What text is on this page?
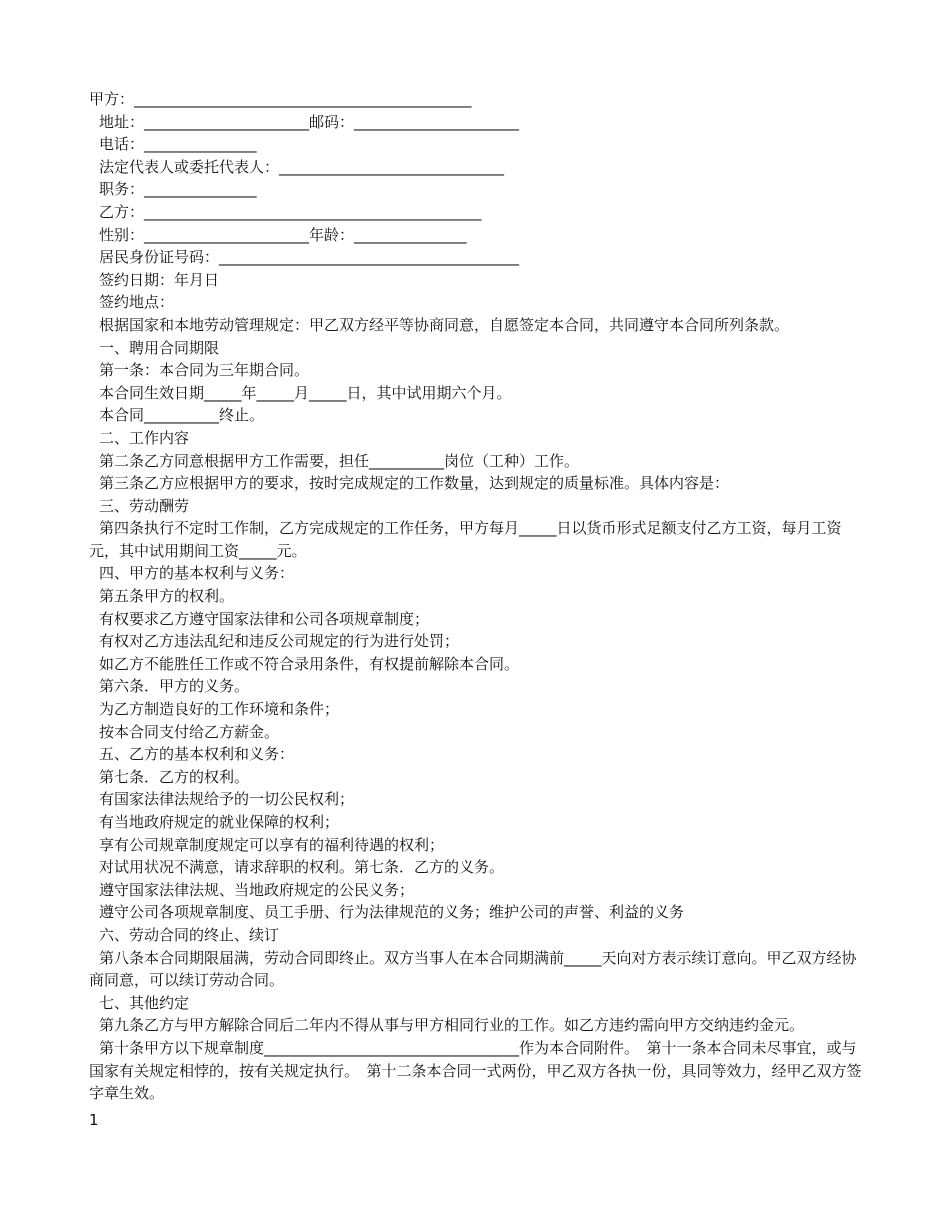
甲方：_____________________________________________

地址：______________________邮码：______________________

电话：_______________

法定代表人或委托代表人：______________________________

职务：_______________

乙方：_____________________________________________

性别：______________________年龄：_______________

居民身份证号码：________________________________________

签约日期：年月日

签约地点：

根据国家和本地劳动管理规定：甲乙双方经平等协商同意，自愿签定本合同，共同遵守本合同所列条款。

一、聘用合同期限

第一条：本合同为三年期合同。

本合同生效日期_____年_____月_____日，其中试用期六个月。

本合同__________终止。

二、工作内容

第二条乙方同意根据甲方工作需要，担任__________岗位（工种）工作。

第三条乙方应根据甲方的要求，按时完成规定的工作数量，达到规定的质量标准。具体内容是：

三、劳动酬劳

第四条执行不定时工作制，乙方完成规定的工作任务，甲方每月_____日以货币形式足额支付乙方工资，每月工资元，其中试用期间工资_____元。

四、甲方的基本权利与义务：

第五条甲方的权利。

有权要求乙方遵守国家法律和公司各项规章制度；

有权对乙方违法乱纪和违反公司规定的行为进行处罚；

如乙方不能胜任工作或不符合录用条件，有权提前解除本合同。

第六条．甲方的义务。

为乙方制造良好的工作环境和条件；

按本合同支付给乙方薪金。

五、乙方的基本权利和义务：

第七条．乙方的权利。

有国家法律法规给予的一切公民权利；

有当地政府规定的就业保障的权利；

享有公司规章制度规定可以享有的福利待遇的权利；

对试用状况不满意，请求辞职的权利。第七条．乙方的义务。

遵守国家法律法规、当地政府规定的公民义务；

遵守公司各项规章制度、员工手册、行为法律规范的义务；维护公司的声誉、利益的义务

六、劳动合同的终止、续订

第八条本合同期限届满，劳动合同即终止。双方当事人在本合同期满前_____天向对方表示续订意向。甲乙双方经协商同意，可以续订劳动合同。

七、其他约定

第九条乙方与甲方解除合同后二年内不得从事与甲方相同行业的工作。如乙方违约需向甲方交纳违约金元。

第十条甲方以下规章制度__________________________________作为本合同附件。　第十一条本合同未尽事宜，或与国家有关规定相悖的，按有关规定执行。　第十二条本合同一式两份，甲乙双方各执一份，具同等效力，经甲乙双方签字章生效。

1
